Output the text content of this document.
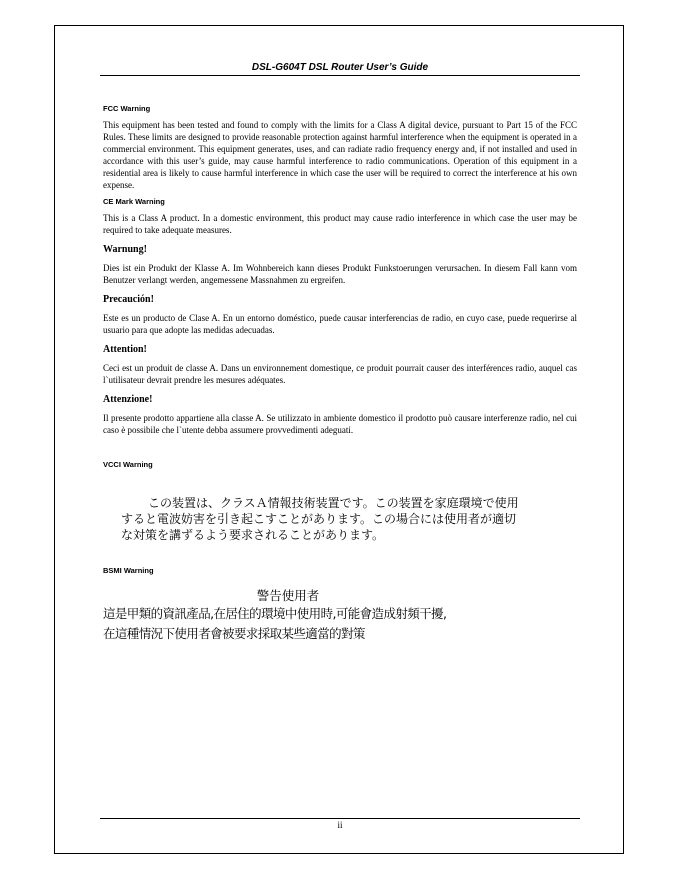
DSL-G604T DSL Router User’s Guide

FCC Warning

This equipment has been tested and found to comply with the limits for a Class A digital device, pursuant to Part 15 of the FCC Rules. These limits are designed to provide reasonable protection against harmful interference when the equipment is operated in a commercial environment. This equipment generates, uses, and can radiate radio frequency energy and, if not installed and used in accordance with this user’s guide, may cause harmful interference to radio communications. Operation of this equipment in a residential area is likely to cause harmful interference in which case the user will be required to correct the interference at his own expense.

CE Mark Warning

This is a Class A product. In a domestic environment, this product may cause radio interference in which case the user may be required to take adequate measures.

Warnung!

Dies ist ein Produkt der Klasse A. Im Wohnbereich kann dieses Produkt Funkstoerungen verursachen. In diesem Fall kann vom Benutzer verlangt werden, angemessene Massnahmen zu ergreifen.

Precaución!

Este es un producto de Clase A. En un entorno doméstico, puede causar interferencias de radio, en cuyo case, puede requerirse al usuario para que adopte las medidas adecuadas.

Attention!

Ceci est un produit de classe A. Dans un environnement domestique, ce produit pourrait causer des interférences radio, auquel cas l`utilisateur devrait prendre les mesures adéquates.

Attenzione!

Il presente prodotto appartiene alla classe A. Se utilizzato in ambiente domestico il prodotto può causare interferenze radio, nel cui caso è possibile che l`utente debba assumere provvedimenti adeguati.

VCCI Warning
この装置は、クラスＡ情報技術装置です。この装置を家庭環境で使用
すると電波妨害を引き起こすことがあります。この場合には使用者が適切
な対策を講ずるよう要求されることがあります。
BSMI Warning
警告使用者
這是甲類的資訊產品,在居住的環境中使用時,可能會造成射頻干擾,
在這種情況下使用者會被要求採取某些適當的對策
ii
